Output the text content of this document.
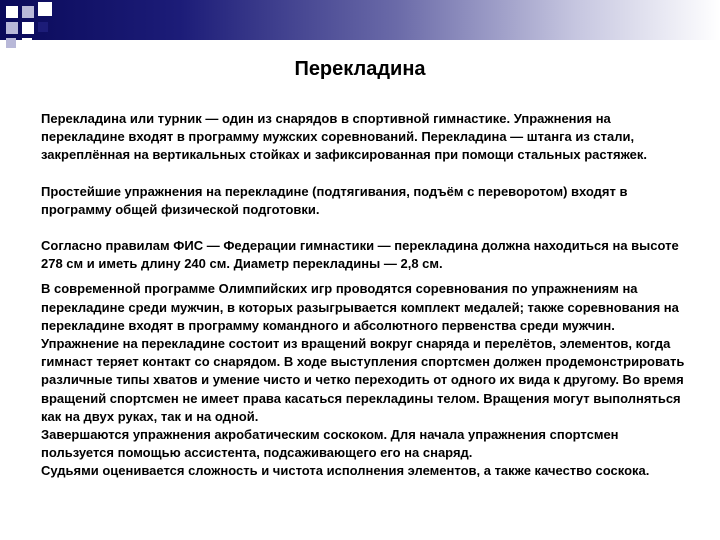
Перекладина

Перекладина или турник — один из снарядов в спортивной гимнастике. Упражнения на перекладине входят в программу мужских соревнований. Перекладина — штанга из стали, закреплённая на вертикальных стойках и зафиксированная при помощи стальных растяжек.

Простейшие упражнения на перекладине (подтягивания, подъём с переворотом) входят в программу общей физической подготовки.

Согласно правилам ФИС — Федерации гимнастики — перекладина должна находиться на высоте 278 см и иметь длину 240 см. Диаметр перекладины — 2,8 см.

В современной программе Олимпийских игр проводятся соревнования по упражнениям на перекладине среди мужчин, в которых разыгрывается комплект медалей; также соревнования на перекладине входят в программу командного и абсолютного первенства среди мужчин.

Упражнение на перекладине состоит из вращений вокруг снаряда и перелётов, элементов, когда гимнаст теряет контакт со снарядом. В ходе выступления спортсмен должен продемонстрировать различные типы хватов и умение чисто и четко переходить от одного их вида к другому. Во время вращений спортсмен не имеет права касаться перекладины телом. Вращения могут выполняться как на двух руках, так и на одной.

Завершаются упражнения акробатическим соскоком. Для начала упражнения спортсмен пользуется помощью ассистента, подсаживающего его на снаряд.

Судьями оценивается сложность и чистота исполнения элементов, а также качество соскока.
